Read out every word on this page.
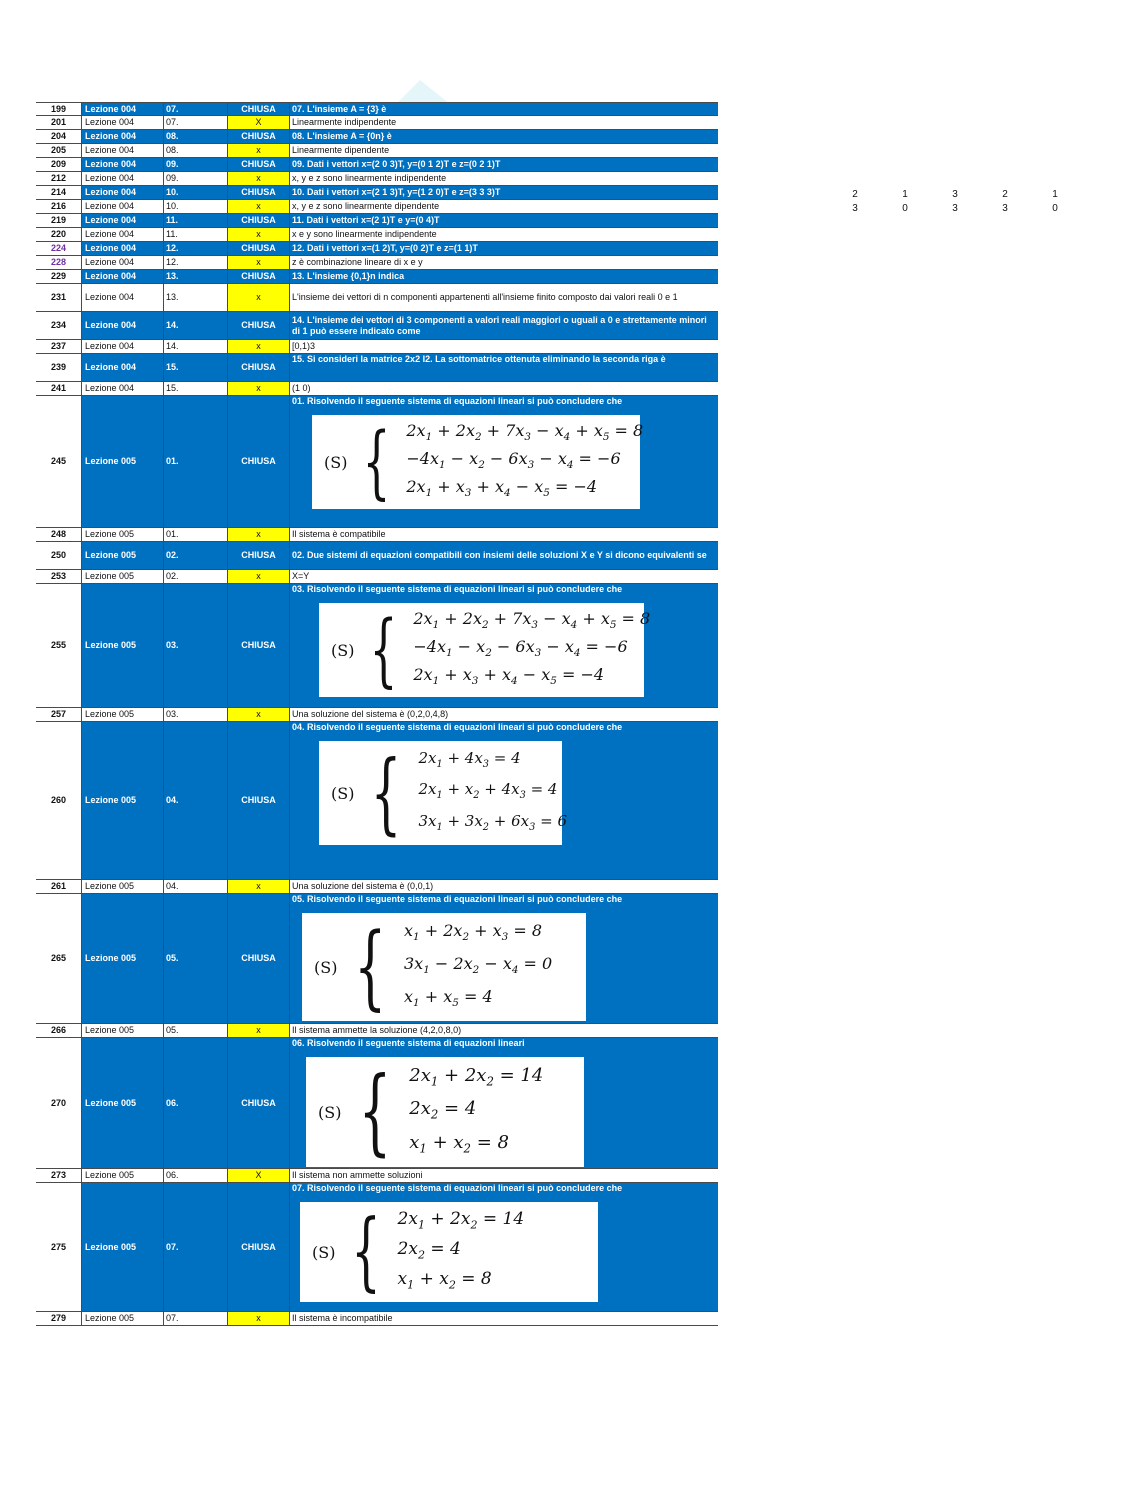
199	Lezione 004	07.	CHIUSA	07. L'insieme A = {3} è
201	Lezione 004	07.	X	Linearmente indipendente
204	Lezione 004	08.	CHIUSA	08. L'insieme A = {0n} è
205	Lezione 004	08.	x	Linearmente dipendente
209	Lezione 004	09.	CHIUSA	09. Dati i vettori x=(2 0 3)T, y=(0 1 2)T e z=(0 2 1)T
212	Lezione 004	09.	x	x, y e z sono linearmente indipendente
214	Lezione 004	10.	CHIUSA	10. Dati i vettori x=(2 1 3)T, y=(1 2 0)T e z=(3 3 3)T
216	Lezione 004	10.	x	x, y e z sono linearmente dipendente
219	Lezione 004	11.	CHIUSA	11. Dati i vettori x=(2 1)T e y=(0 4)T
220	Lezione 004	11.	x	x e y sono linearmente indipendente
224	Lezione 004	12.	CHIUSA	12. Dati i vettori x=(1 2)T, y=(0 2)T e z=(1 1)T
228	Lezione 004	12.	x	z è combinazione lineare di x e y
229	Lezione 004	13.	CHIUSA	13. L'insieme {0,1}n indica
231	Lezione 004	13.	x	L'insieme dei vettori di n componenti appartenenti all'insieme finito composto dai valori reali 0 e 1
234	Lezione 004	14.	CHIUSA
14. L'insieme dei vettori di 3 componenti a valori reali maggiori o uguali a 0 e strettamente minori di 1 può essere indicato come
237	Lezione 004	14.	x	[0,1)3
239	Lezione 004	15.	CHIUSA
15. Si consideri la matrice 2x2 I2. La sottomatrice ottenuta eliminando la seconda riga è
241	Lezione 004	15.	x	(1 0)
245	Lezione 005	01.	CHIUSA
01. Risolvendo il seguente sistema di equazioni lineari si può concludere che
(S) { $2x_1 + 2x_2 + 7x_3 - x_4 + x_5 = 8$
$-4x_1 - x_2 - 6x_3 - x_4 = -6$
$2x_1 + x_3 + x_4 - x_5 = -4$
248	Lezione 005	01.	x	Il sistema è compatibile
250	Lezione 005	02.	CHIUSA	02. Due sistemi di equazioni compatibili con insiemi delle soluzioni X e Y si dicono equivalenti se
253	Lezione 005	02.	x	X=Y
255	Lezione 005	03.	CHIUSA
03. Risolvendo il seguente sistema di equazioni lineari si può concludere che
(S) { $2x_1 + 2x_2 + 7x_3 - x_4 + x_5 = 8$
$-4x_1 - x_2 - 6x_3 - x_4 = -6$
$2x_1 + x_3 + x_4 - x_5 = -4$
257	Lezione 005	03.	x	Una soluzione del sistema è (0,2,0,4,8)
260	Lezione 005	04.	CHIUSA
04. Risolvendo il seguente sistema di equazioni lineari si può concludere che
(S) { $2x_1 + 4x_3 = 4$
$2x_1 + x_2 + 4x_3 = 4$
$3x_1 + 3x_2 + 6x_3 = 6$
261	Lezione 005	04.	x	Una soluzione del sistema è (0,0,1)
265	Lezione 005	05.	CHIUSA
05. Risolvendo il seguente sistema di equazioni lineari si può concludere che
(S) { $x_1 + 2x_2 + x_3 = 8$
$3x_1 - 2x_2 - x_4 = 0$
$x_1 + x_5 = 4$
266	Lezione 005	05.	x	Il sistema ammette la soluzione (4,2,0,8,0)
270	Lezione 005	06.	CHIUSA
06. Risolvendo il seguente sistema di equazioni lineari
(S) { $2x_1 + 2x_2 = 14$
$2x_2 = 4$
$x_1 + x_2 = 8$
273	Lezione 005	06.	X	Il sistema non ammette soluzioni
275	Lezione 005	07.	CHIUSA
07. Risolvendo il seguente sistema di equazioni lineari si può concludere che
(S) { $2x_1 + 2x_2 = 14$
$2x_2 = 4$
$x_1 + x_2 = 8$
279	Lezione 005	07.	x	Il sistema è incompatibile
2	1	3	2	1
3	0	3	3	0
